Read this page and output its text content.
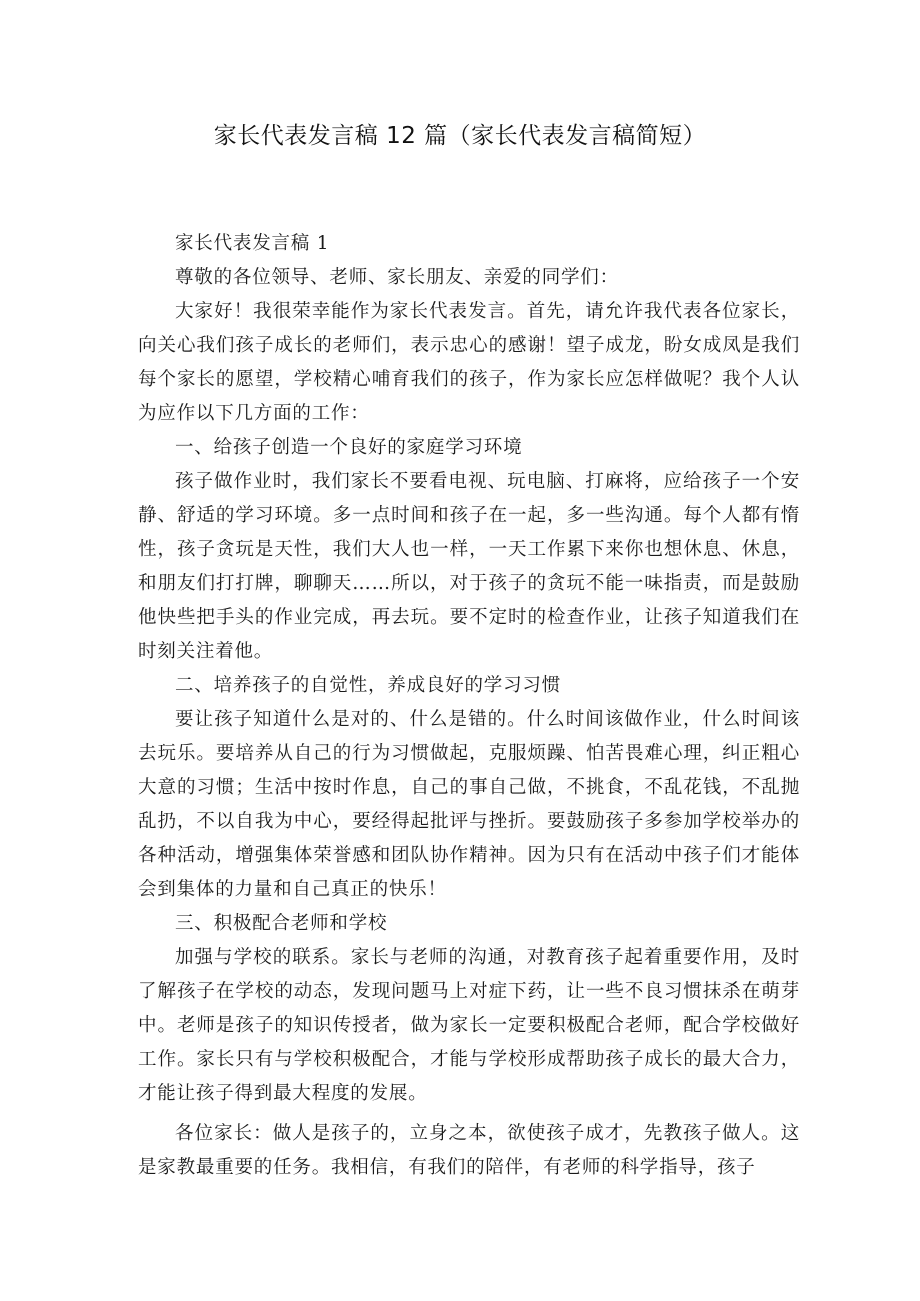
家长代表发言稿 12 篇（家长代表发言稿简短）

家长代表发言稿 1

尊敬的各位领导、老师、家长朋友、亲爱的同学们：

大家好！我很荣幸能作为家长代表发言。首先，请允许我代表各位家长，向关心我们孩子成长的老师们，表示忠心的感谢！望子成龙，盼女成凤是我们每个家长的愿望，学校精心哺育我们的孩子，作为家长应怎样做呢？我个人认为应作以下几方面的工作：

一、给孩子创造一个良好的家庭学习环境

孩子做作业时，我们家长不要看电视、玩电脑、打麻将，应给孩子一个安静、舒适的学习环境。多一点时间和孩子在一起，多一些沟通。每个人都有惰性，孩子贪玩是天性，我们大人也一样，一天工作累下来你也想休息、休息，和朋友们打打牌，聊聊天……所以，对于孩子的贪玩不能一味指责，而是鼓励他快些把手头的作业完成，再去玩。要不定时的检查作业，让孩子知道我们在时刻关注着他。

二、培养孩子的自觉性，养成良好的学习习惯

要让孩子知道什么是对的、什么是错的。什么时间该做作业，什么时间该去玩乐。要培养从自己的行为习惯做起，克服烦躁、怕苦畏难心理，纠正粗心大意的习惯；生活中按时作息，自己的事自己做，不挑食，不乱花钱，不乱抛乱扔，不以自我为中心，要经得起批评与挫折。要鼓励孩子多参加学校举办的各种活动，增强集体荣誉感和团队协作精神。因为只有在活动中孩子们才能体会到集体的力量和自己真正的快乐！

三、积极配合老师和学校

加强与学校的联系。家长与老师的沟通，对教育孩子起着重要作用，及时了解孩子在学校的动态，发现问题马上对症下药，让一些不良习惯抹杀在萌芽中。老师是孩子的知识传授者，做为家长一定要积极配合老师，配合学校做好工作。家长只有与学校积极配合，才能与学校形成帮助孩子成长的最大合力，才能让孩子得到最大程度的发展。

各位家长：做人是孩子的，立身之本，欲使孩子成才，先教孩子做人。这是家教最重要的任务。我相信，有我们的陪伴，有老师的科学指导，孩子
